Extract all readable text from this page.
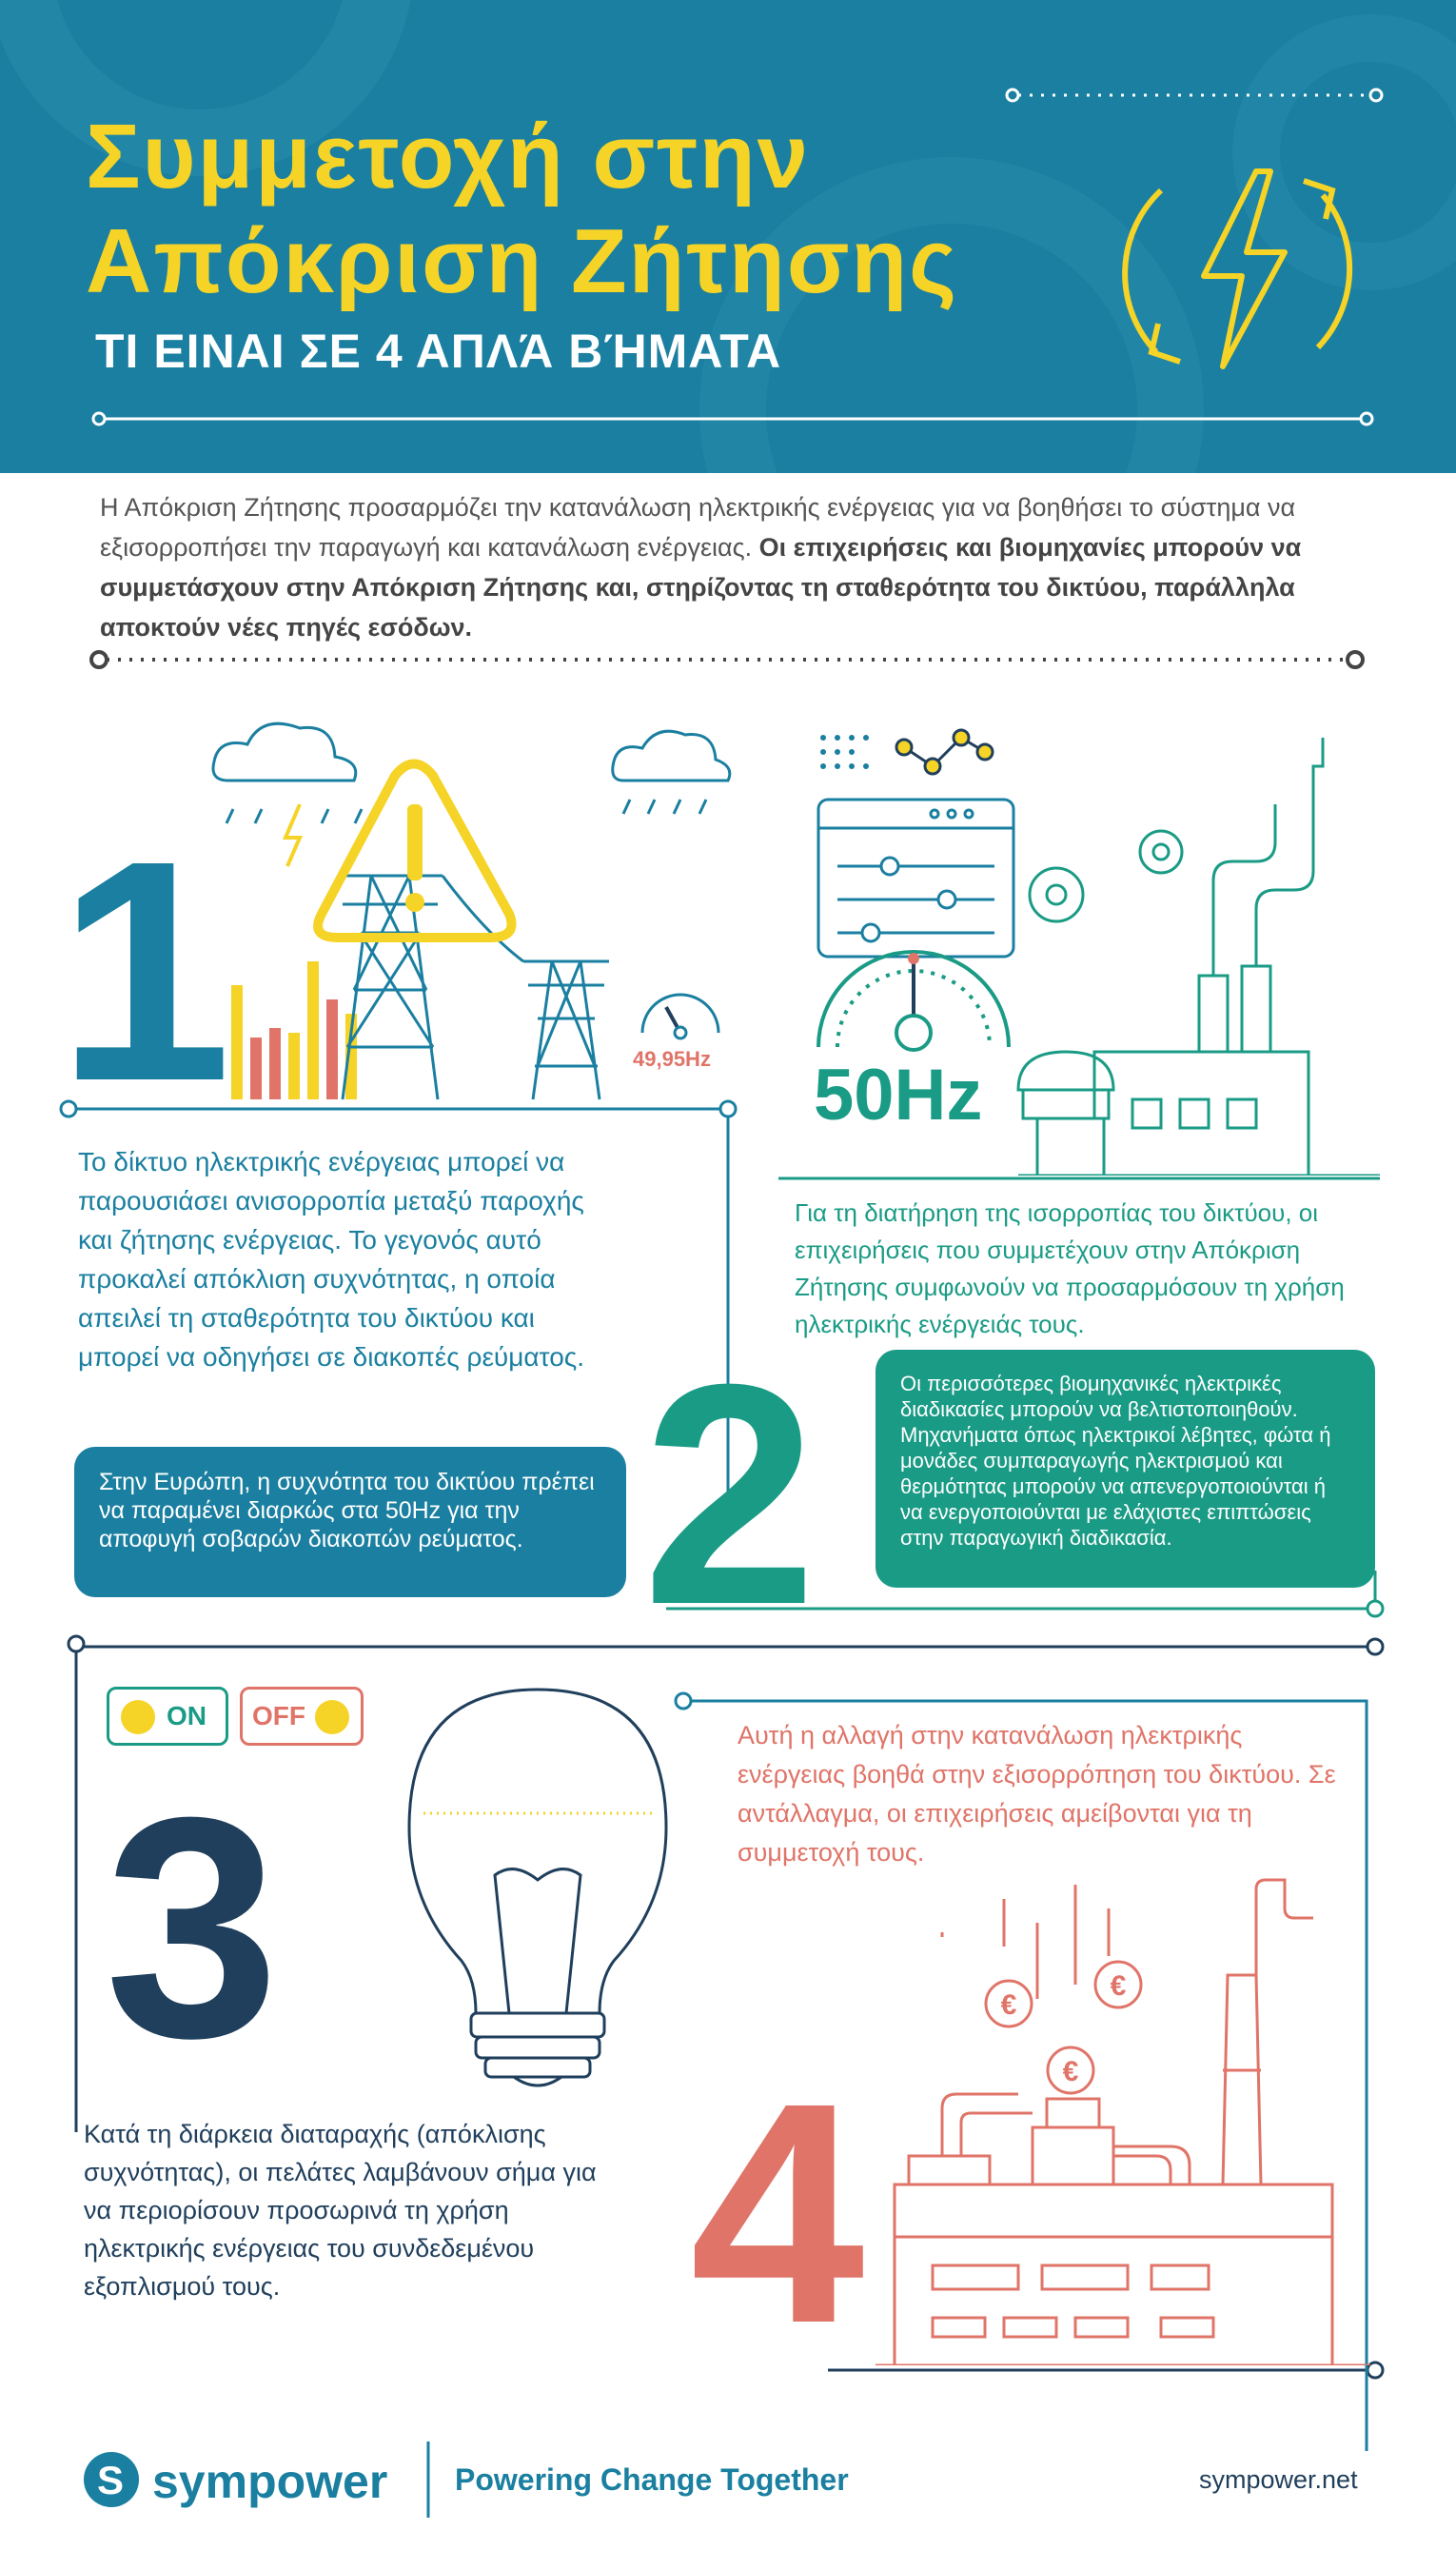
Συμμετοχή στην
Απόκριση Ζήτησης
ΤΙ ΕΙΝΑΙ ΣΕ 4 ΑΠΛΆ ΒΉΜΑΤΑ
Η Απόκριση Ζήτησης προσαρμόζει την κατανάλωση ηλεκτρικής ενέργειας για να βοηθήσει το σύστημα να εξισορροπήσει την παραγωγή και κατανάλωση ενέργειας. Οι επιχειρήσεις και βιομηχανίες μπορούν να συμμετάσχουν στην Απόκριση Ζήτησης και, στηρίζοντας τη σταθερότητα του δικτύου, παράλληλα αποκτούν νέες πηγές εσόδων.
1	49,95Hz
Το δίκτυο ηλεκτρικής ενέργειας μπορεί να παρουσιάσει ανισορροπία μεταξύ παροχής και ζήτησης ενέργειας. Το γεγονός αυτό προκαλεί απόκλιση συχνότητας, η οποία απειλεί τη σταθερότητα του δικτύου και μπορεί να οδηγήσει σε διακοπές ρεύματος.
Στην Ευρώπη, η συχνότητα του δικτύου πρέπει να παραμένει διαρκώς στα 50Hz για την αποφυγή σοβαρών διακοπών ρεύματος.
50Hz
Για τη διατήρηση της ισορροπίας του δικτύου, οι επιχειρήσεις που συμμετέχουν στην Απόκριση Ζήτησης συμφωνούν να προσαρμόσουν τη χρήση ηλεκτρικής ενέργειάς τους.
2	Οι περισσότερες βιομηχανικές ηλεκτρικές διαδικασίες μπορούν να βελτιστοποιηθούν. Μηχανήματα όπως ηλεκτρικοί λέβητες, φώτα ή μονάδες συμπαραγωγής ηλεκτρισμού και θερμότητας μπορούν να απενεργοποιούνται ή να ενεργοποιούνται με ελάχιστες επιπτώσεις στην παραγωγική διαδικασία.
ON OFF
3
Κατά τη διάρκεια διαταραχής (απόκλισης συχνότητας), οι πελάτες λαμβάνουν σήμα για να περιορίσουν προσωρινά τη χρήση ηλεκτρικής ενέργειας του συνδεδεμένου εξοπλισμού τους.
Αυτή η αλλαγή στην κατανάλωση ηλεκτρικής ενέργειας βοηθά στην εξισορρόπηση του δικτύου. Σε αντάλλαγμα, οι επιχειρήσεις αμείβονται για τη συμμετοχή τους.
€
€
€
4
S sympower Powering Change Together	sympower.net
